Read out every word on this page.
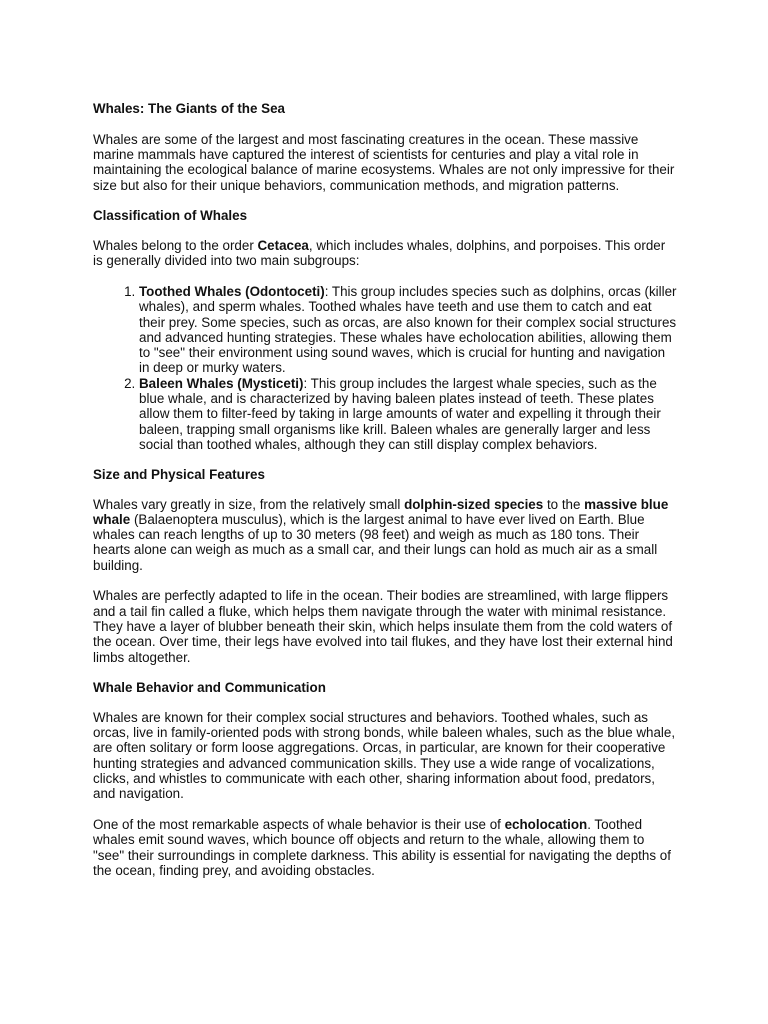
Whales: The Giants of the Sea

Whales are some of the largest and most fascinating creatures in the ocean. These massive marine mammals have captured the interest of scientists for centuries and play a vital role in maintaining the ecological balance of marine ecosystems. Whales are not only impressive for their size but also for their unique behaviors, communication methods, and migration patterns.

Classification of Whales

Whales belong to the order Cetacea, which includes whales, dolphins, and porpoises. This order is generally divided into two main subgroups:

1. Toothed Whales (Odontoceti): This group includes species such as dolphins, orcas (killer whales), and sperm whales. Toothed whales have teeth and use them to catch and eat their prey. Some species, such as orcas, are also known for their complex social structures and advanced hunting strategies. These whales have echolocation abilities, allowing them to "see" their environment using sound waves, which is crucial for hunting and navigation in deep or murky waters.
2. Baleen Whales (Mysticeti): This group includes the largest whale species, such as the blue whale, and is characterized by having baleen plates instead of teeth. These plates allow them to filter-feed by taking in large amounts of water and expelling it through their baleen, trapping small organisms like krill. Baleen whales are generally larger and less social than toothed whales, although they can still display complex behaviors.
Size and Physical Features

Whales vary greatly in size, from the relatively small dolphin-sized species to the massive blue whale (Balaenoptera musculus), which is the largest animal to have ever lived on Earth. Blue whales can reach lengths of up to 30 meters (98 feet) and weigh as much as 180 tons. Their hearts alone can weigh as much as a small car, and their lungs can hold as much air as a small building.

Whales are perfectly adapted to life in the ocean. Their bodies are streamlined, with large flippers and a tail fin called a fluke, which helps them navigate through the water with minimal resistance. They have a layer of blubber beneath their skin, which helps insulate them from the cold waters of the ocean. Over time, their legs have evolved into tail flukes, and they have lost their external hind limbs altogether.

Whale Behavior and Communication

Whales are known for their complex social structures and behaviors. Toothed whales, such as orcas, live in family-oriented pods with strong bonds, while baleen whales, such as the blue whale, are often solitary or form loose aggregations. Orcas, in particular, are known for their cooperative hunting strategies and advanced communication skills. They use a wide range of vocalizations, clicks, and whistles to communicate with each other, sharing information about food, predators, and navigation.

One of the most remarkable aspects of whale behavior is their use of echolocation. Toothed whales emit sound waves, which bounce off objects and return to the whale, allowing them to "see" their surroundings in complete darkness. This ability is essential for navigating the depths of the ocean, finding prey, and avoiding obstacles.
